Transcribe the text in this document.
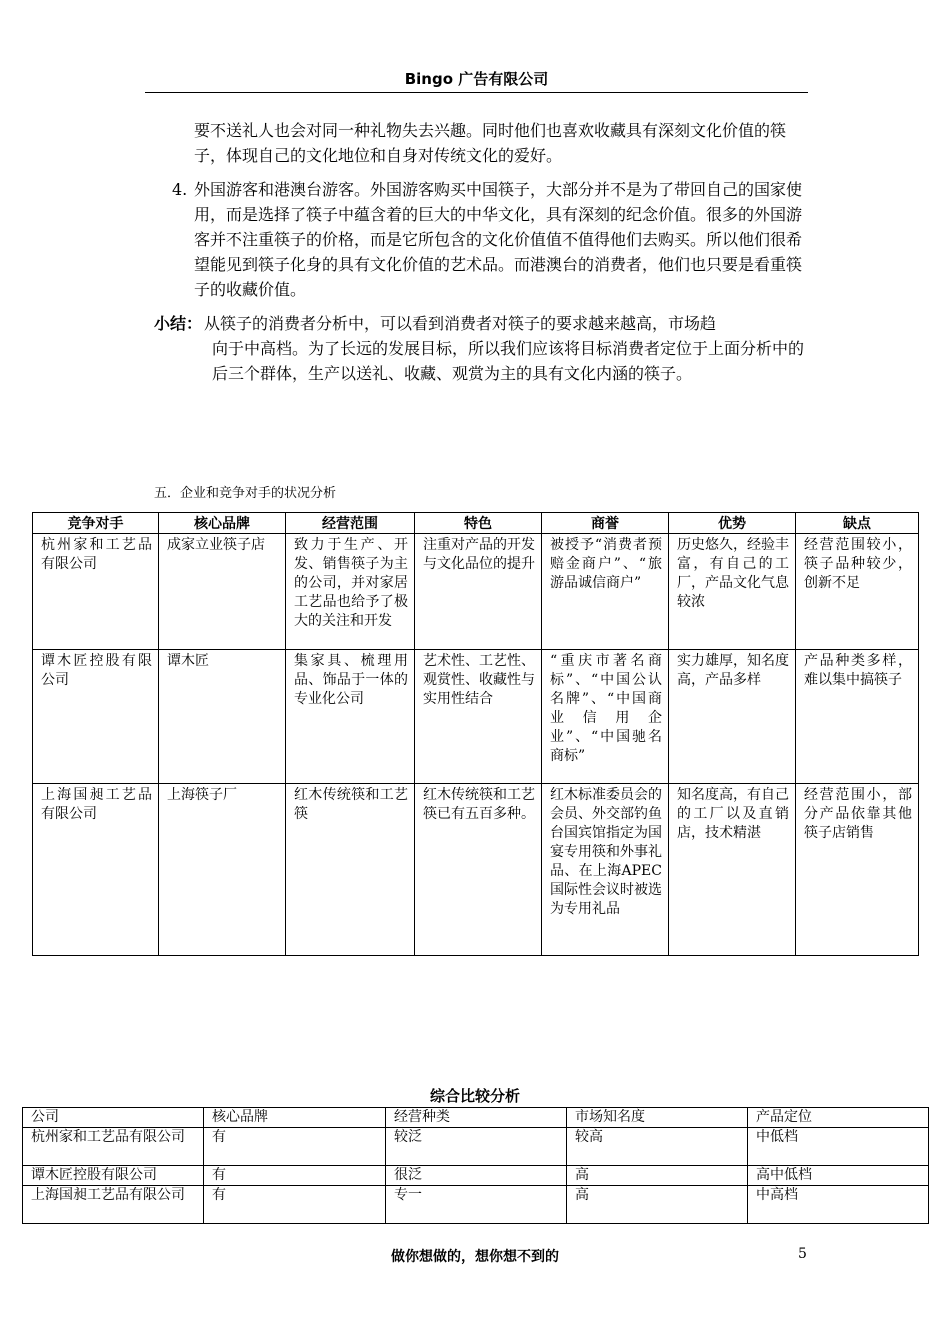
Bingo 广告有限公司
要不送礼人也会对同一种礼物失去兴趣。同时他们也喜欢收藏具有深刻文化价值的筷子，体现自己的文化地位和自身对传统文化的爱好。
4. 外国游客和港澳台游客。外国游客购买中国筷子，大部分并不是为了带回自己的国家使用，而是选择了筷子中蕴含着的巨大的中华文化，具有深刻的纪念价值。很多的外国游客并不注重筷子的价格，而是它所包含的文化价值值不值得他们去购买。所以他们很希望能见到筷子化身的具有文化价值的艺术品。而港澳台的消费者，他们也只要是看重筷子的收藏价值。
小结： 从筷子的消费者分析中，可以看到消费者对筷子的要求越来越高，市场趋
向于中高档。为了长远的发展目标，所以我们应该将目标消费者定位于上面分析中的后三个群体，生产以送礼、收藏、观赏为主的具有文化内涵的筷子。
五．企业和竞争对手的状况分析
竞争对手	核心品牌	经营范围	特色	商誉	优势	缺点
杭州家和工艺品有限公司	成家立业筷子店	致力于生产、开发、销售筷子为主的公司，并对家居工艺品也给予了极大的关注和开发	注重对产品的开发与文化品位的提升	被授予“消费者预赔金商户”、“旅游品诚信商户”	历史悠久，经验丰富，有自己的工厂，产品文化气息较浓	经营范围较小，筷子品种较少，创新不足
谭木匠控股有限公司	谭木匠	集家具、梳理用品、饰品于一体的专业化公司	艺术性、工艺性、观赏性、收藏性与实用性结合	“重庆市著名商标”、“中国公认名牌”、“中国商业信用企业”、“中国驰名商标”	实力雄厚，知名度高，产品多样	产品种类多样，难以集中搞筷子
上海国昶工艺品有限公司	上海筷子厂	红木传统筷和工艺筷	红木传统筷和工艺筷已有五百多种。	红木标准委员会的会员、外交部钓鱼台国宾馆指定为国宴专用筷和外事礼品、在上海APEC国际性会议时被选为专用礼品	知名度高，有自己的工厂以及直销店，技术精湛	经营范围小，部分产品依靠其他筷子店销售
综合比较分析
公司	核心品牌	经营种类	市场知名度	产品定位
杭州家和工艺品有限公司	有	较泛	较高	中低档
谭木匠控股有限公司	有	很泛	高	高中低档
上海国昶工艺品有限公司	有	专一	高	中高档
做你想做的，想你想不到的	5
